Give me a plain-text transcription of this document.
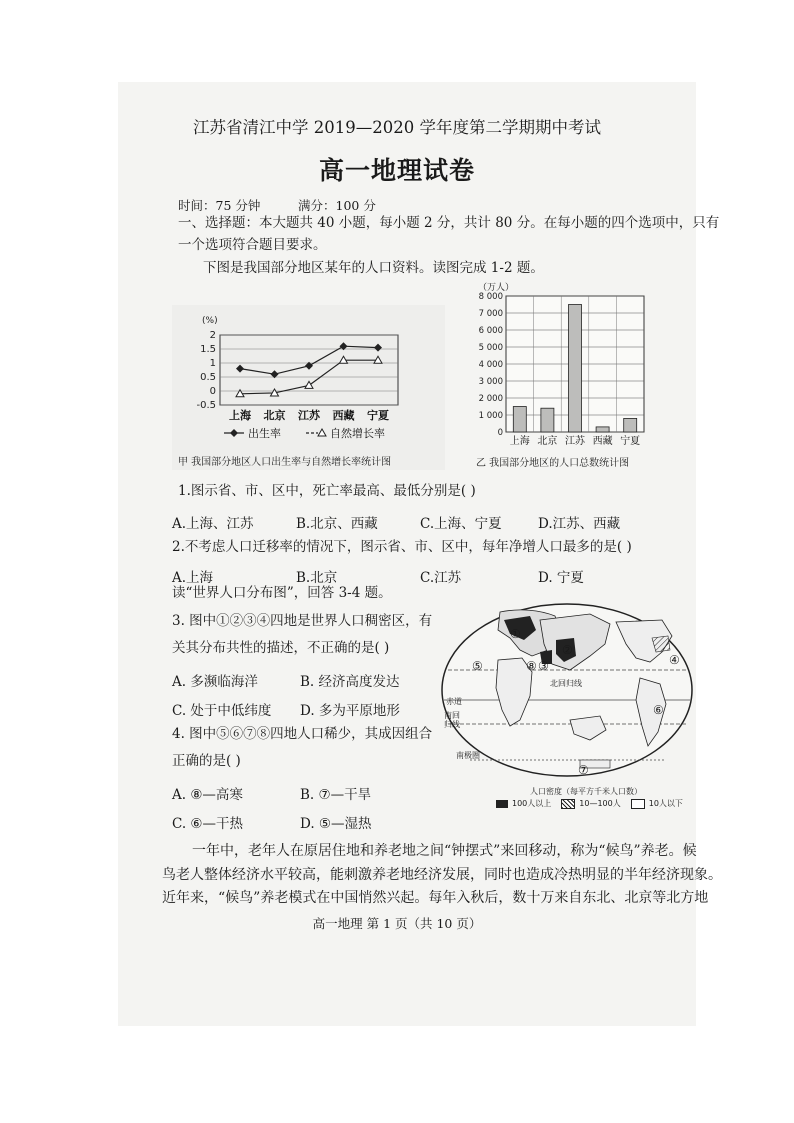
江苏省清江中学 2019—2020 学年度第二学期期中考试
高一地理试卷
时间：75 分钟	满分：100 分
一、选择题：本大题共 40 小题，每小题 2 分，共计 80 分。在每小题的四个选项中，只有
一个选项符合题目要求。
下图是我国部分地区某年的人口资料。读图完成 1-2 题。
(%)
2
1.5
1
0.5
0
-0.5
上海 北京 江苏 西藏 宁夏
出生率	自然增长率
甲 我国部分地区人口出生率与自然增长率统计图
（万人）
8 000
7 000
6 000
5 000
4 000
3 000
2 000
1 000
0
上海 北京 江苏 西藏 宁夏
乙 我国部分地区的人口总数统计图
1.图示省、市、区中，死亡率最高、最低分别是( )
A.上海、江苏	B.北京、西藏	C.上海、宁夏	D.江苏、西藏
2.不考虑人口迁移率的情况下，图示省、市、区中，每年净增人口最多的是( )
A.上海	B.北京	C.江苏	D. 宁夏
读“世界人口分布图”，回答 3-4 题。
3. 图中①②③④四地是世界人口稠密区，有
关其分布共性的描述，不正确的是( )
A. 多濒临海洋	B. 经济高度发达
C. 处于中低纬度 D. 多为平原地形
4. 图中⑤⑥⑦⑧四地人口稀少，其成因组合
正确的是( )
A. ⑧—高寒	B. ⑦—干旱
C. ⑥—干热	D. ⑤—湿热
①
②
③	④
⑤
⑥
⑦
⑧
北回归线
赤道
南回
归线
南极圈
人口密度（每平方千米人口数）
100人以上	10—100人	10人以下
一年中，老年人在原居住地和养老地之间“钟摆式”来回移动，称为“候鸟”养老。候
鸟老人整体经济水平较高，能刺激养老地经济发展，同时也造成冷热明显的半年经济现象。
近年来，“候鸟”养老模式在中国悄然兴起。每年入秋后，数十万来自东北、北京等北方地
高一地理 第 1 页（共 10 页）
